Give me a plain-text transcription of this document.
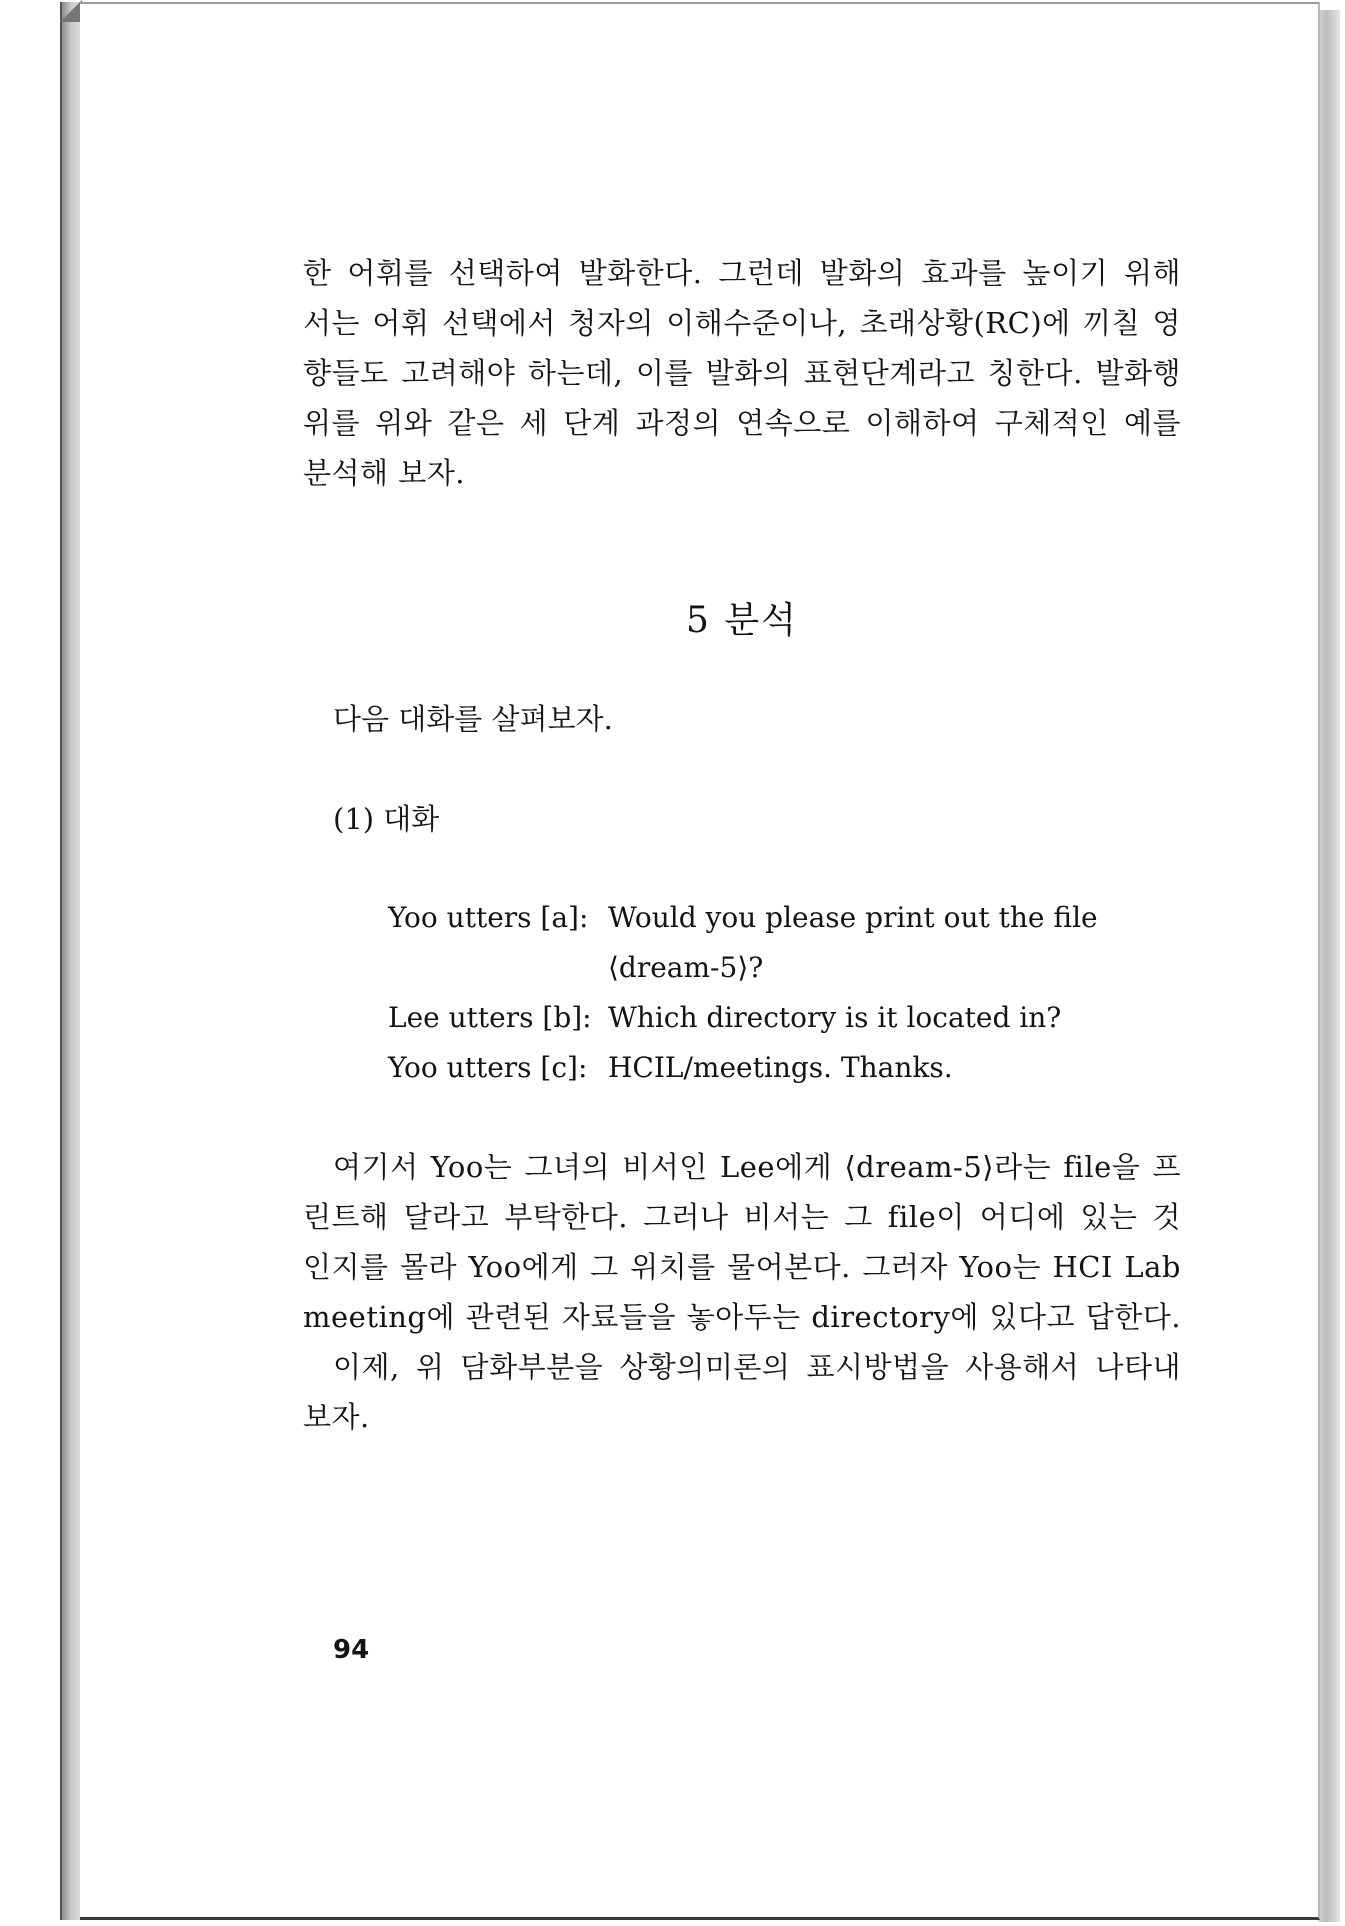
한 어휘를 선택하여 발화한다. 그런데 발화의 효과를 높이기 위해
서는 어휘 선택에서 청자의 이해수준이나, 초래상황(RC)에 끼칠 영
향들도 고려해야 하는데, 이를 발화의 표현단계라고 칭한다. 발화행
위를 위와 같은 세 단계 과정의 연속으로 이해하여 구체적인 예를
분석해 보자.
5 분석

다음 대화를 살펴보자.

(1) 대화

Yoo utters [a]: Would you please print out the file
⟨dream-5⟩?
Lee utters [b]: Which directory is it located in?
Yoo utters [c]: HCIL/meetings. Thanks.
여기서 Yoo는 그녀의 비서인 Lee에게 ⟨dream-5⟩라는 file을 프
린트해 달라고 부탁한다. 그러나 비서는 그 file이 어디에 있는 것
인지를 몰라 Yoo에게 그 위치를 물어본다. 그러자 Yoo는 HCI Lab
meeting에 관련된 자료들을 놓아두는 directory에 있다고 답한다.
이제, 위 담화부분을 상황의미론의 표시방법을 사용해서 나타내
보자.

94
